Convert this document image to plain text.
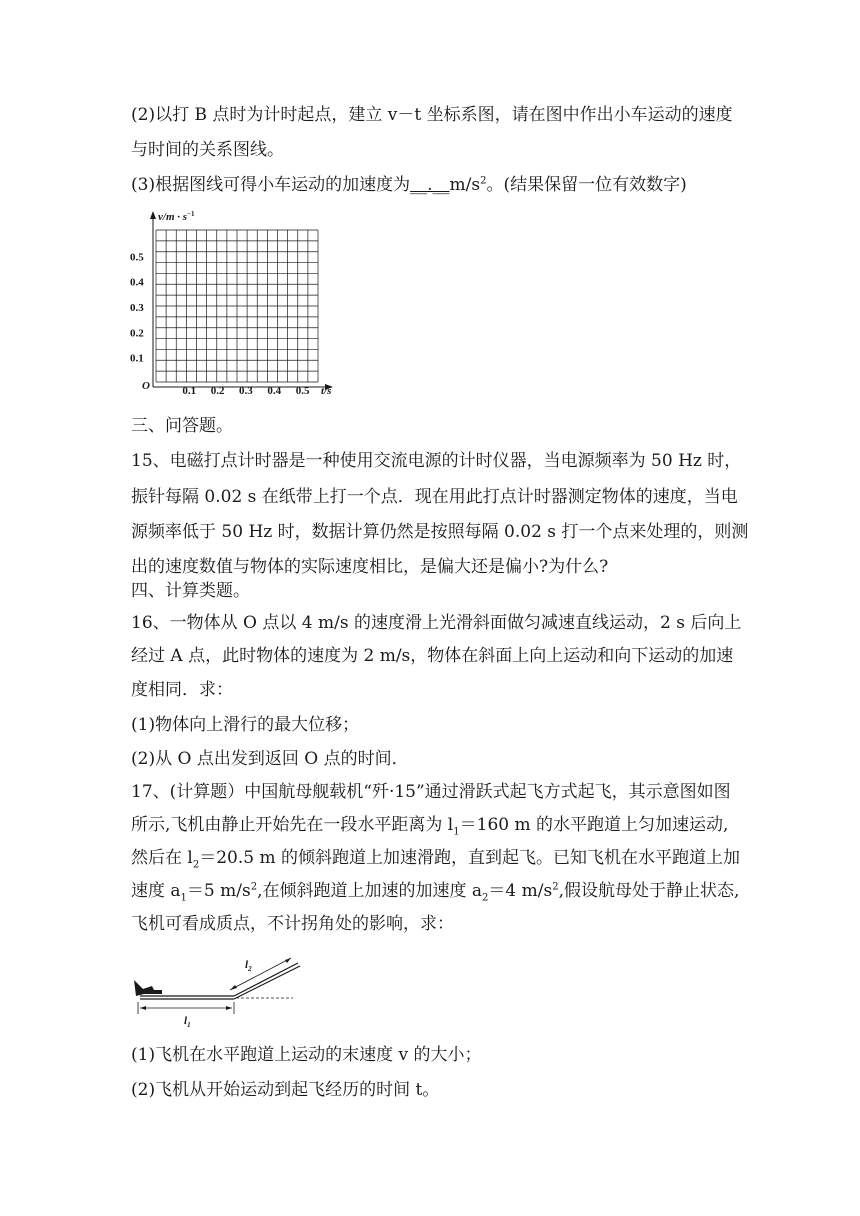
(2)以打 B 点时为计时起点，建立 v－t 坐标系图，请在图中作出小车运动的速度
与时间的关系图线。
(3)根据图线可得小车运动的加速度为$\_\_.\_\_m/s^2$。(结果保留一位有效数字)
$v/m \cdot s^{-1}$
O	t/s
0.5
0.4
0.3
0.2
0.1
0.1 0.2 0.3 0.4 0.5
三、问答题。
15、电磁打点计时器是一种使用交流电源的计时仪器，当电源频率为 50 Hz 时，
振针每隔 0.02 s 在纸带上打一个点．现在用此打点计时器测定物体的速度，当电
源频率低于 50 Hz 时，数据计算仍然是按照每隔 0.02 s 打一个点来处理的，则测
出的速度数值与物体的实际速度相比，是偏大还是偏小?为什么?
四、计算类题。
16、一物体从 O 点以 4 m/s 的速度滑上光滑斜面做匀减速直线运动，2 s 后向上
经过 A 点，此时物体的速度为 2 m/s，物体在斜面上向上运动和向下运动的加速
度相同．求：
(1)物体向上滑行的最大位移；
(2)从 O 点出发到返回 O 点的时间．
17、(计算题）中国航母舰载机“歼·15”通过滑跃式起飞方式起飞，其示意图如图
所示,飞机由静止开始先在一段水平距离为 $l_1=160$ m 的水平跑道上匀加速运动,
然后在 $l_2=20.5$ m 的倾斜跑道上加速滑跑，直到起飞。已知飞机在水平跑道上加
速度 $a_1=5$ $m/s^2$,在倾斜跑道上加速的加速度 $a_2=4$ $m/s^2$,假设航母处于静止状态,
飞机可看成质点，不计拐角处的影响，求：
$l_1$
$l_2$
(1)飞机在水平跑道上运动的末速度 v 的大小；
(2)飞机从开始运动到起飞经历的时间 t。
